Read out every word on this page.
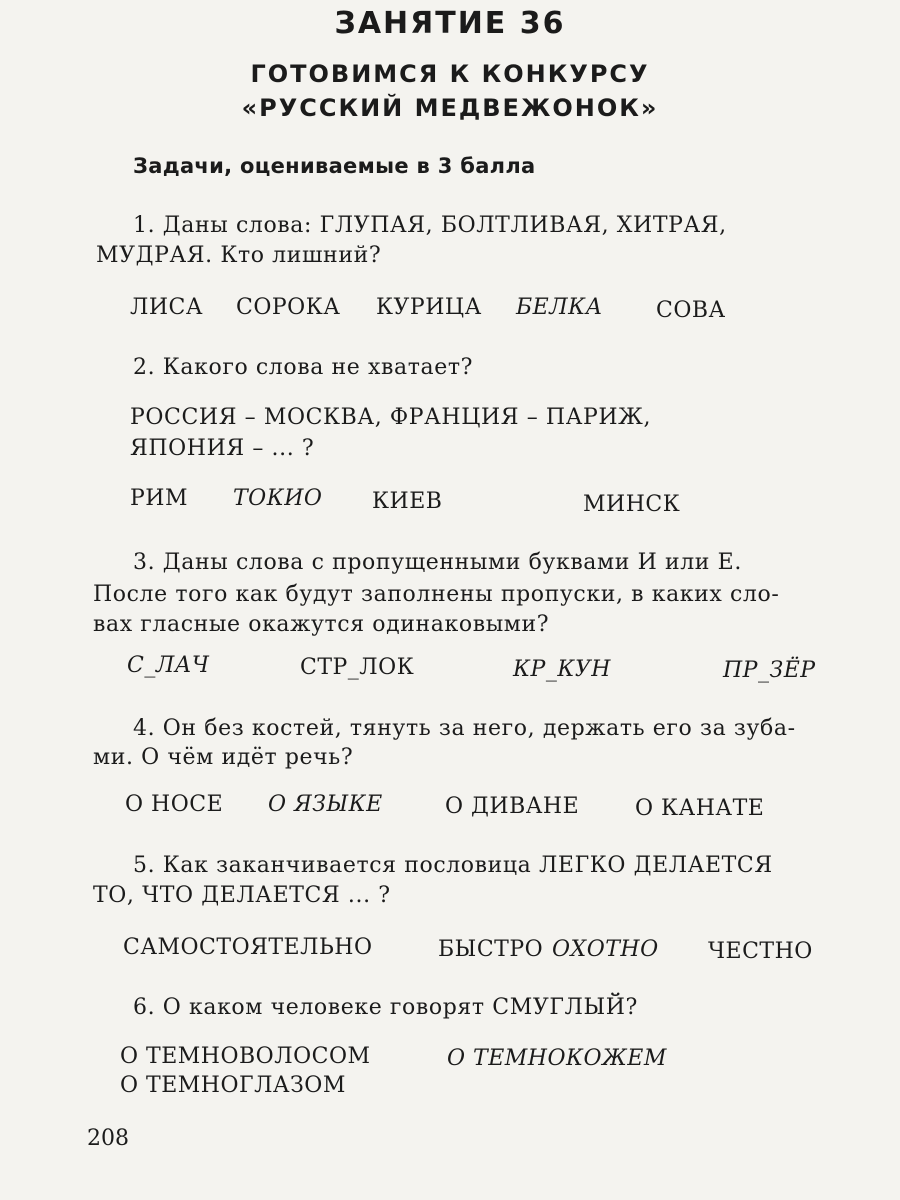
ЗАНЯТИЕ 36
ГОТОВИМСЯ К КОНКУРСУ
«РУССКИЙ МЕДВЕЖОНОК»
Задачи, оцениваемые в 3 балла
1. Даны слова: ГЛУПАЯ, БОЛТЛИВАЯ, ХИТРАЯ,
МУДРАЯ. Кто лишний?
ЛИСА СОРОКА КУРИЦА БЕЛКА СОВА
2. Какого слова не хватает?
РОССИЯ – МОСКВА, ФРАНЦИЯ – ПАРИЖ,
ЯПОНИЯ – ... ?
РИМ ТОКИО КИЕВ	МИНСК
3. Даны слова с пропущенными буквами И или Е.
После того как будут заполнены пропуски, в каких сло-
вах гласные окажутся одинаковыми?
С_ЛАЧ	СТР_ЛОК	КР_КУН	ПР_ЗЁР
4. Он без костей, тянуть за него, держать его за зуба-
ми. О чём идёт речь?
О НОСЕ О ЯЗЫКЕ	О ДИВАНЕ	О КАНАТЕ
5. Как заканчивается пословица ЛЕГКО ДЕЛАЕТСЯ
ТО, ЧТО ДЕЛАЕТСЯ ... ?
САМОСТОЯТЕЛЬНО	БЫСТРО ОХОТНО ЧЕСТНО
6. О каком человеке говорят СМУГЛЫЙ?
О ТЕМНОВОЛОСОМ	О ТЕМНОКОЖЕМ
О ТЕМНОГЛАЗОМ
208
